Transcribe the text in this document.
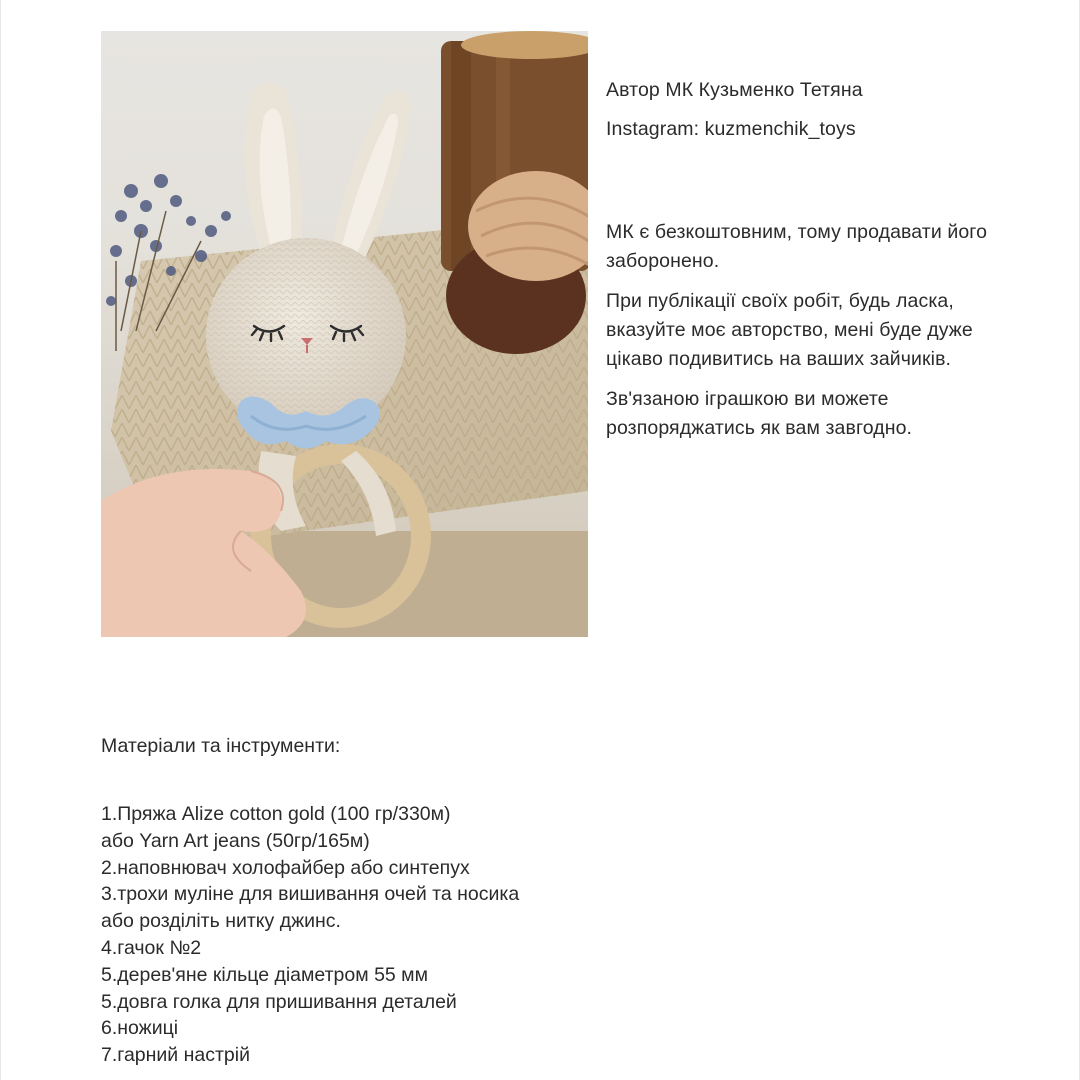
Автор МК Кузьменко Тетяна

Instagram: kuzmenchik_toys

МК є безкоштовним, тому продавати його заборонено.

При публікації своїх робіт, будь ласка, вказуйте моє авторство, мені буде дуже цікаво подивитись на ваших зайчиків.

Зв'язаною іграшкою ви можете розпоряджатись як вам завгодно.

Матеріали та інструменти:
1.Пряжа Alize cotton gold (100 гр/330м)
або Yarn Art jeans (50гр/165м)
2.наповнювач холофайбер або синтепух
3.трохи муліне для вишивання очей та носика
або розділіть нитку джинс.
4.гачок №2
5.дерев'яне кільце діаметром 55 мм
5.довга голка для пришивання деталей
6.ножиці
7.гарний настрій
